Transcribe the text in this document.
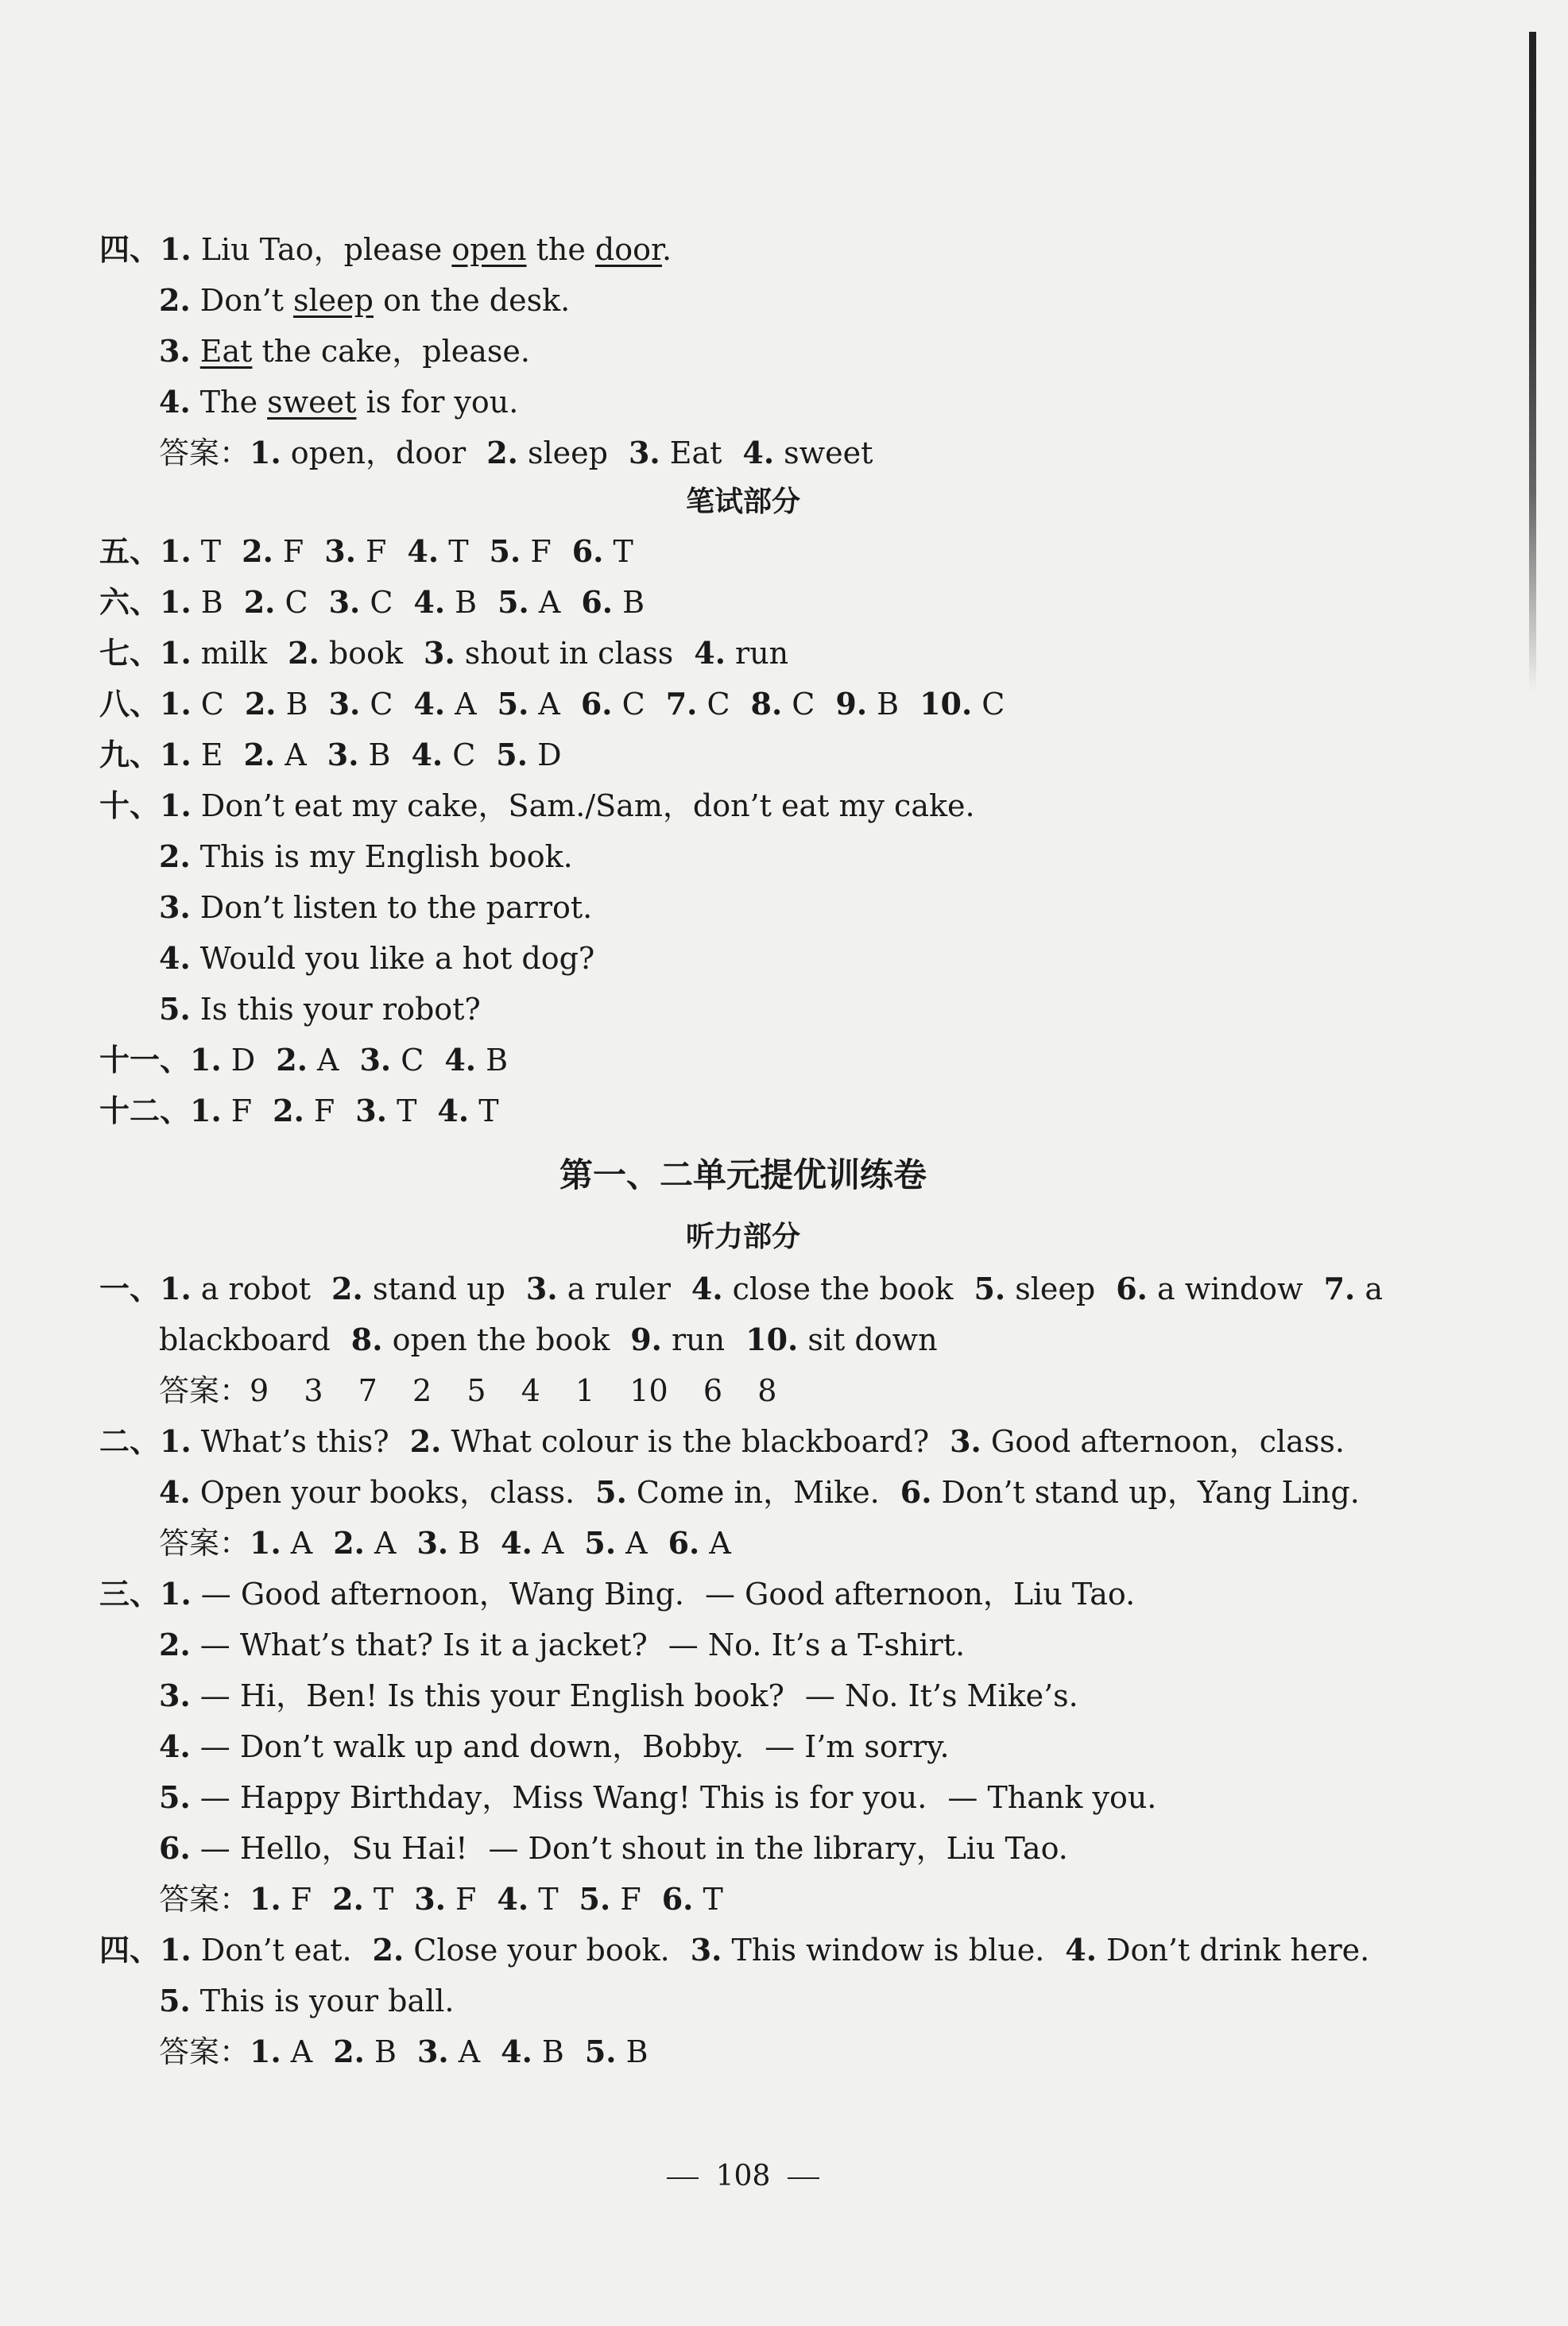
四、1. Liu Tao，please open the door.
2. Don’t sleep on the desk.
3. Eat the cake，please.
4. The sweet is for you.
答案：1. open，door 2. sleep 3. Eat 4. sweet
笔试部分
五、1. T 2. F 3. F 4. T 5. F 6. T
六、1. B 2. C 3. C 4. B 5. A 6. B
七、1. milk 2. book 3. shout in class 4. run
八、1. C 2. B 3. C 4. A 5. A 6. C 7. C 8. C 9. B 10. C
九、1. E 2. A 3. B 4. C 5. D
十、1. Don’t eat my cake，Sam./Sam，don’t eat my cake.
2. This is my English book.
3. Don’t listen to the parrot.
4. Would you like a hot dog?
5. Is this your robot?
十一、1. D 2. A 3. C 4. B
十二、1. F 2. F 3. T 4. T
第一、二单元提优训练卷
听力部分
一、1. a robot 2. stand up 3. a ruler 4. close the book 5. sleep 6. a window 7. a
blackboard 8. open the book 9. run 10. sit down
答案：9  3  7  2  5  4  1  10  6  8
二、1. What’s this? 2. What colour is the blackboard? 3. Good afternoon，class.
4. Open your books，class. 5. Come in，Mike. 6. Don’t stand up，Yang Ling.
答案：1. A 2. A 3. B 4. A 5. A 6. A
三、1. — Good afternoon，Wang Bing. — Good afternoon，Liu Tao.
2. — What’s that? Is it a jacket? — No. It’s a T-shirt.
3. — Hi，Ben! Is this your English book? — No. It’s Mike’s.
4. — Don’t walk up and down，Bobby. — I’m sorry.
5. — Happy Birthday，Miss Wang! This is for you. — Thank you.
6. — Hello，Su Hai! — Don’t shout in the library，Liu Tao.
答案：1. F 2. T 3. F 4. T 5. F 6. T
四、1. Don’t eat. 2. Close your book. 3. This window is blue. 4. Don’t drink here.
5. This is your ball.
答案：1. A 2. B 3. A 4. B 5. B
108
